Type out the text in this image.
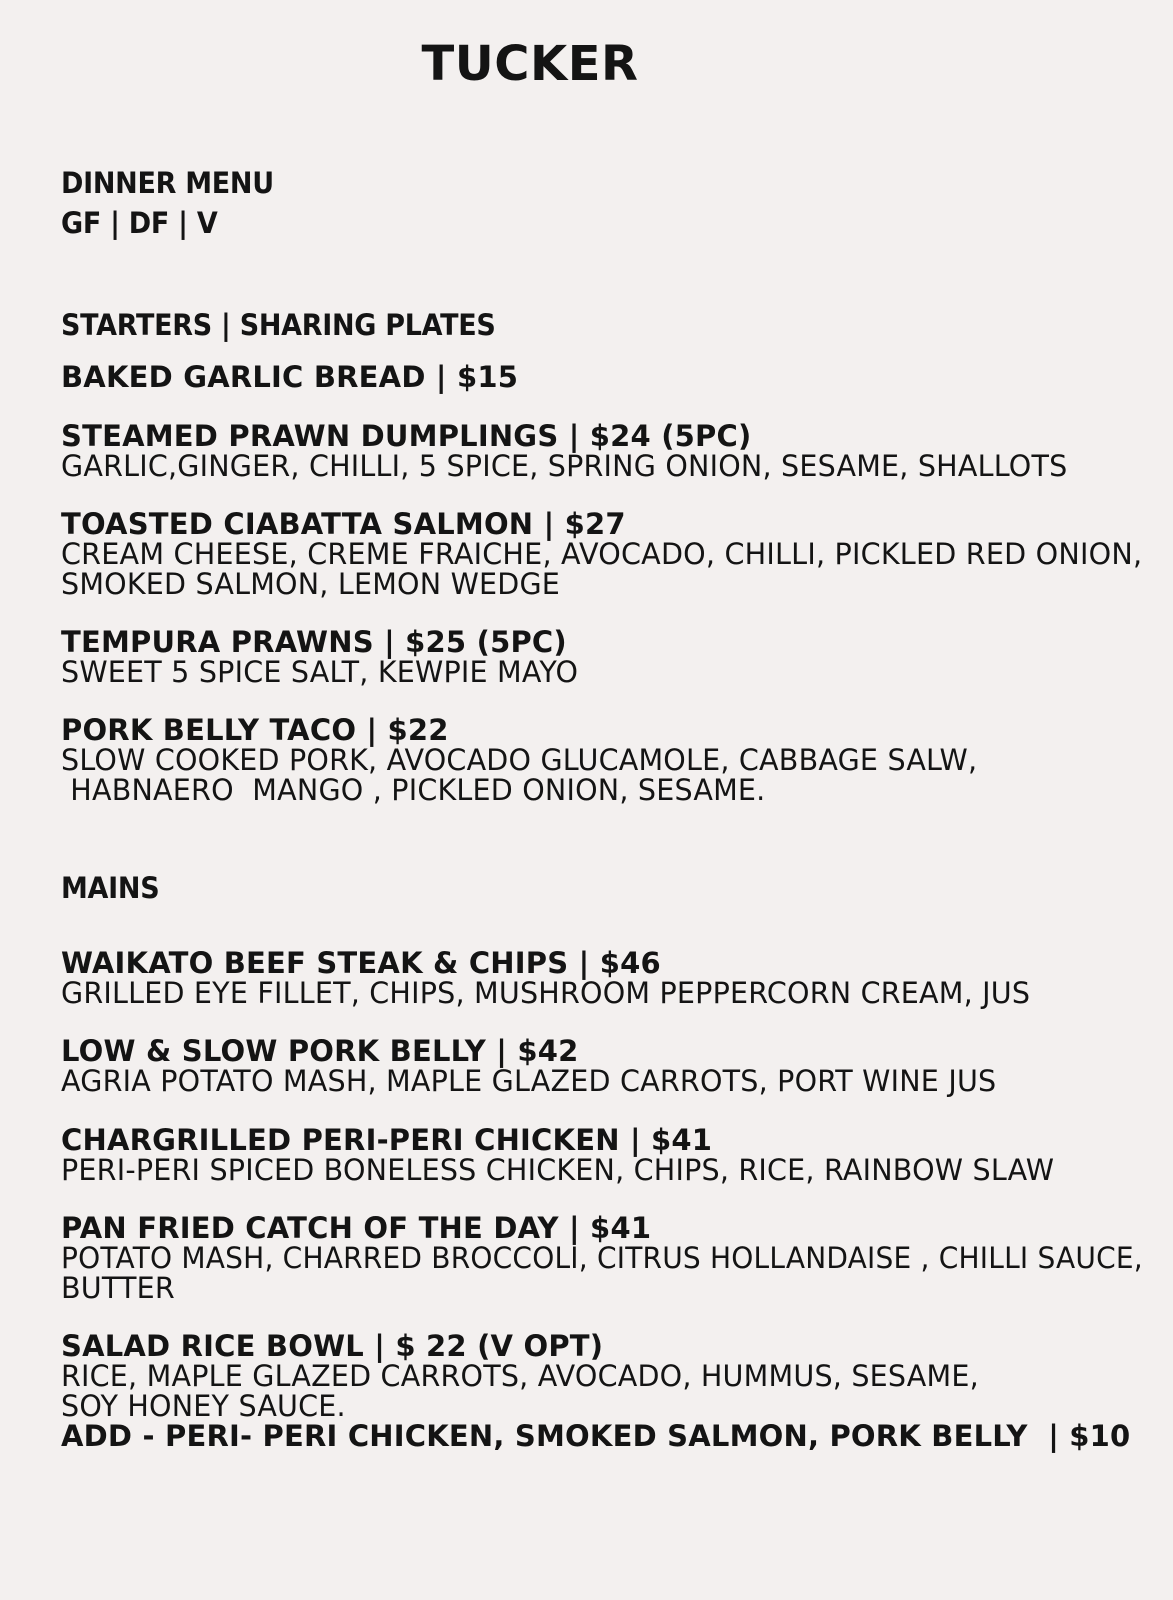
TUCKER
DINNER MENU
GF | DF | V
STARTERS | SHARING PLATES
BAKED GARLIC BREAD | $15
STEAMED PRAWN DUMPLINGS | $24 (5PC)
GARLIC,GINGER, CHILLI, 5 SPICE, SPRING ONION, SESAME, SHALLOTS
TOASTED CIABATTA SALMON | $27
CREAM CHEESE, CREME FRAICHE, AVOCADO, CHILLI, PICKLED RED ONION,
SMOKED SALMON, LEMON WEDGE
TEMPURA PRAWNS | $25 (5PC)
SWEET 5 SPICE SALT, KEWPIE MAYO
PORK BELLY TACO | $22
SLOW COOKED PORK, AVOCADO GLUCAMOLE, CABBAGE SALW,
HABNAERO  MANGO , PICKLED ONION, SESAME.
MAINS
WAIKATO BEEF STEAK & CHIPS | $46
GRILLED EYE FILLET, CHIPS, MUSHROOM PEPPERCORN CREAM, JUS
LOW & SLOW PORK BELLY | $42
AGRIA POTATO MASH, MAPLE GLAZED CARROTS, PORT WINE JUS
CHARGRILLED PERI-PERI CHICKEN | $41
PERI-PERI SPICED BONELESS CHICKEN, CHIPS, RICE, RAINBOW SLAW
PAN FRIED CATCH OF THE DAY | $41
POTATO MASH, CHARRED BROCCOLI, CITRUS HOLLANDAISE , CHILLI SAUCE,
BUTTER
SALAD RICE BOWL | $ 22 (V OPT)
RICE, MAPLE GLAZED CARROTS, AVOCADO, HUMMUS, SESAME,
SOY HONEY SAUCE.
ADD - PERI- PERI CHICKEN, SMOKED SALMON, PORK BELLY  | $10
